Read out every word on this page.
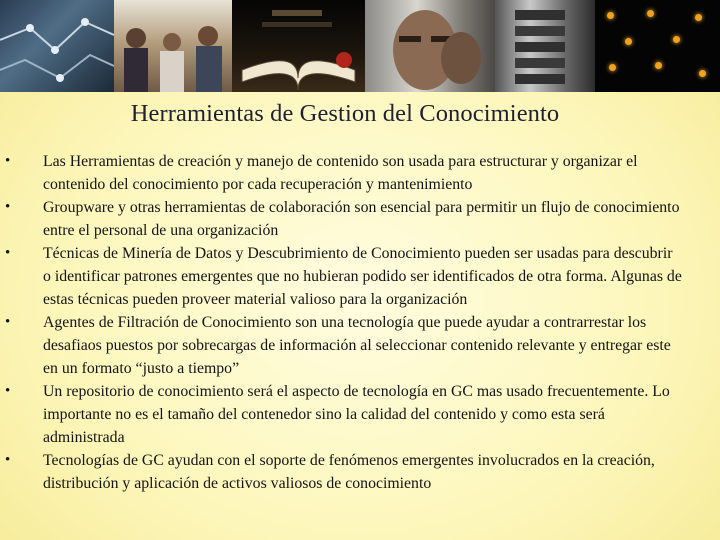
Herramientas de Gestion del Conocimiento
• Las Herramientas de creación y manejo de contenido son usada para estructurar y organizar el contenido del conocimiento por cada recuperación y mantenimiento
• Groupware y otras herramientas de colaboración son esencial para permitir un flujo de conocimiento entre el personal de una organización
• Técnicas de Minería de Datos y Descubrimiento de Conocimiento pueden ser usadas para descubrir o identificar patrones emergentes que no hubieran podido ser identificados de otra forma. Algunas de estas técnicas pueden proveer material valioso para la organización
• Agentes de Filtración de Conocimiento son una tecnología que puede ayudar a contrarrestar los desafiaos puestos por sobrecargas de información al seleccionar contenido relevante y entregar este en un formato “justo a tiempo”
• Un repositorio de conocimiento será el aspecto de tecnología en GC mas usado frecuentemente. Lo importante no es el tamaño del contenedor sino la calidad del contenido y como esta será administrada
• Tecnologías de GC ayudan con el soporte de fenómenos emergentes involucrados en la creación, distribución y aplicación de activos valiosos de conocimiento
